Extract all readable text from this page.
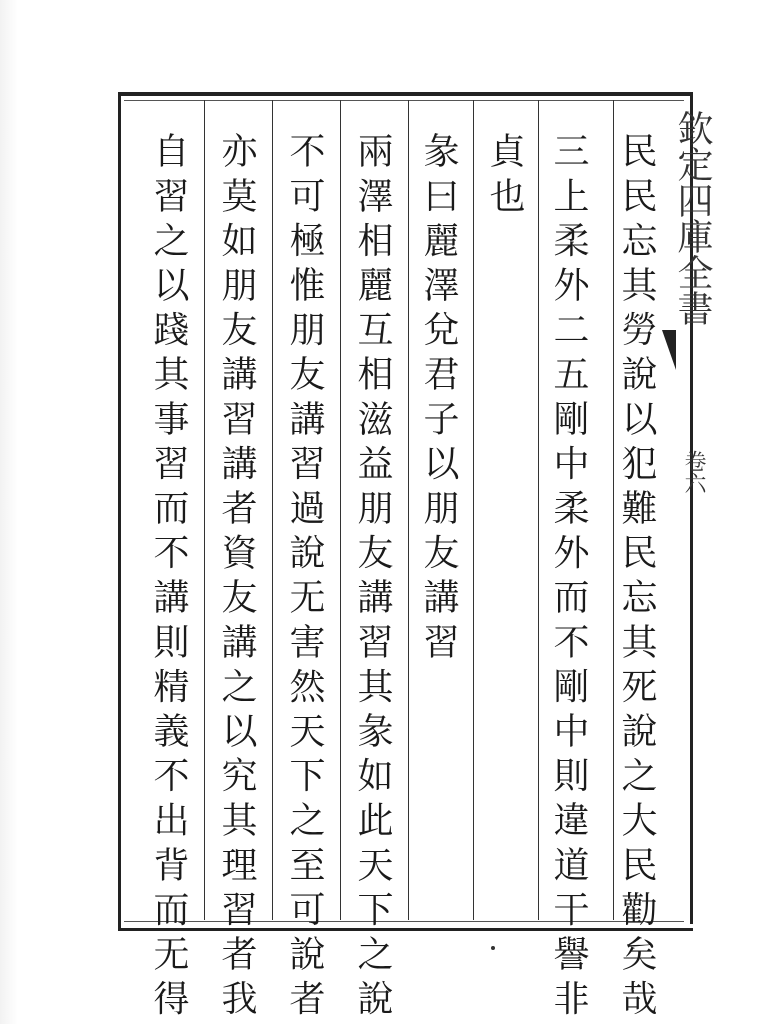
欽定四庫全書
卷六
民民忘其勞說以犯難民忘其死說之大民勸矣哉
三上柔外二五剛中柔外而不剛中則違道干譽非
貞也
彖曰麗澤兌君子以朋友講習
兩澤相麗互相滋益朋友講習其彖如此天下之說
不可極惟朋友講習過說无害然天下之至可說者
亦莫如朋友講習講者資友講之以究其理習者我
自習之以踐其事習而不講則精義不出背而无得
